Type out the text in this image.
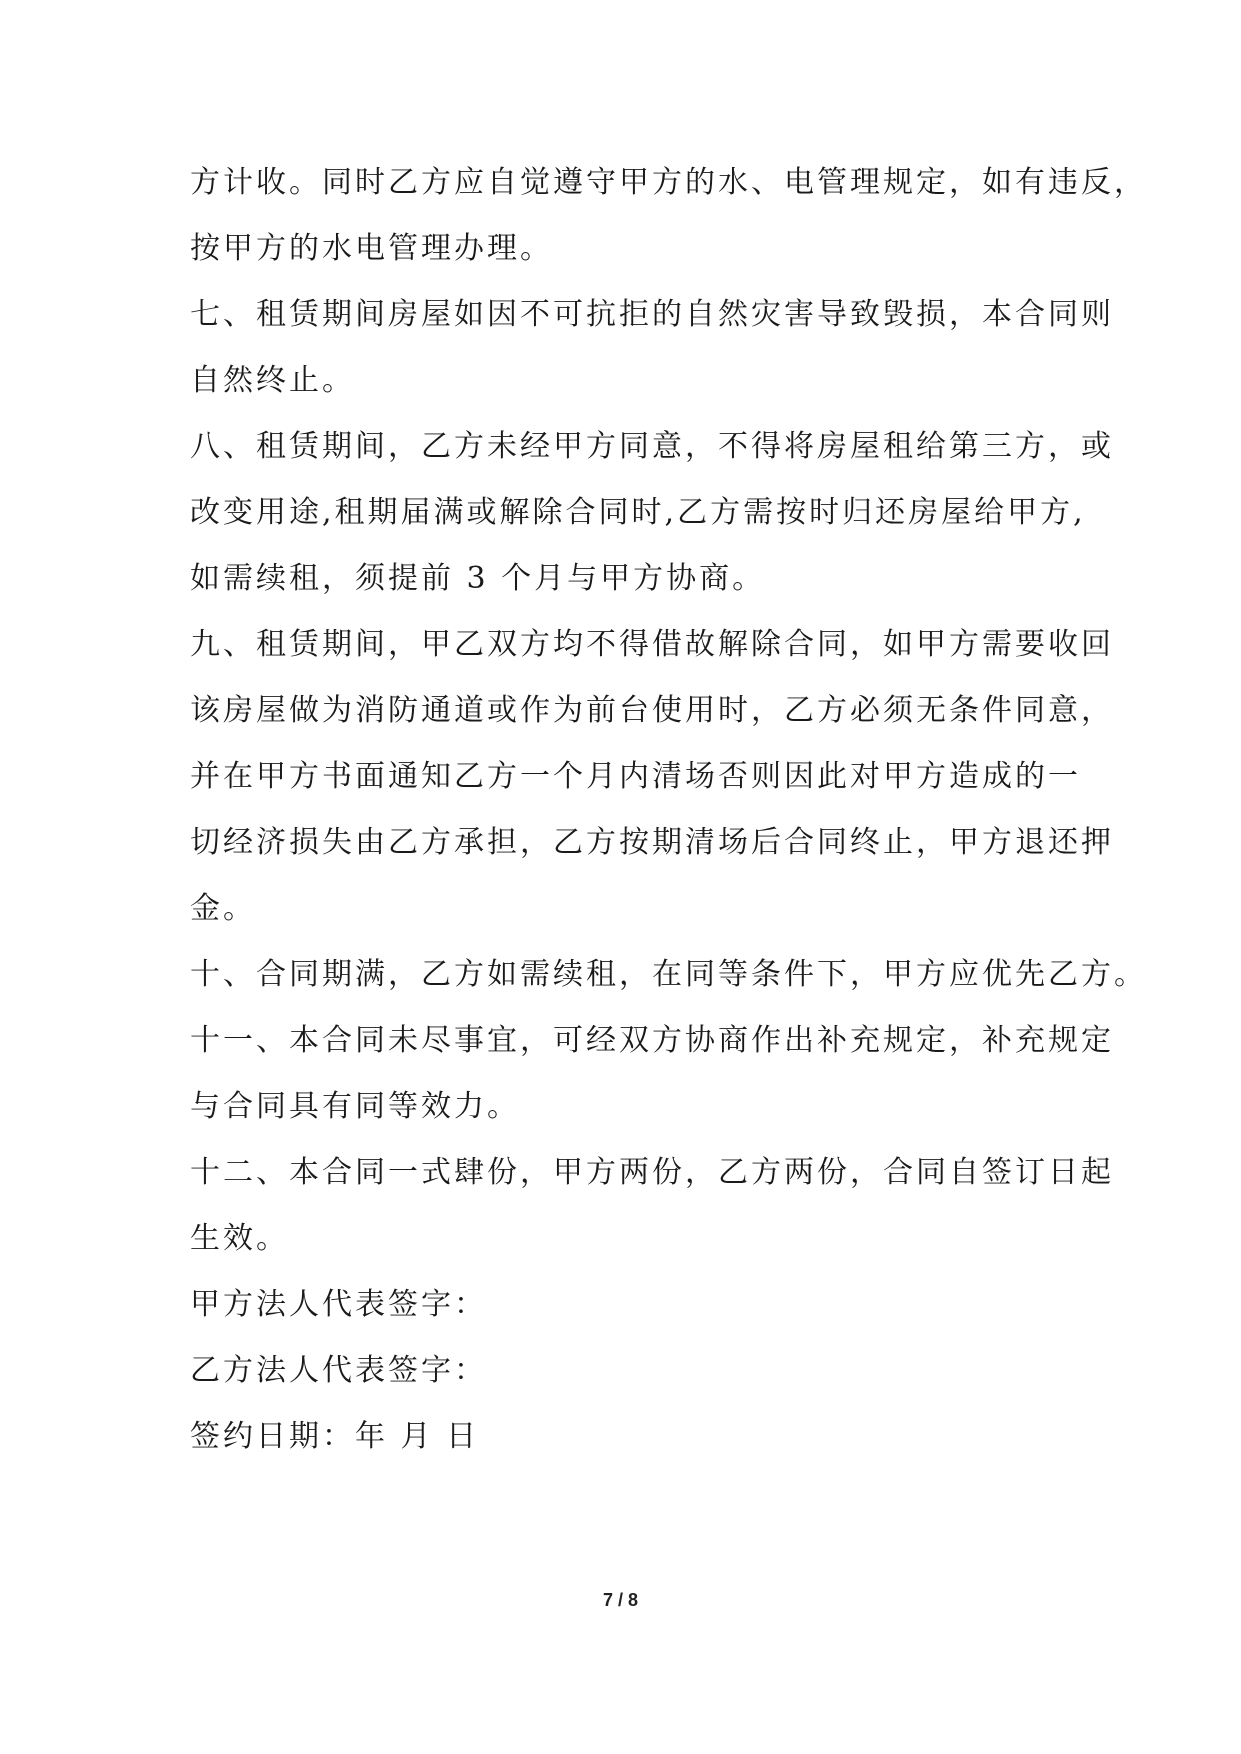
方计收。同时乙方应自觉遵守甲方的水、电管理规定，如有违反，
按甲方的水电管理办理。
七、租赁期间房屋如因不可抗拒的自然灾害导致毁损，本合同则
自然终止。
八、租赁期间，乙方未经甲方同意，不得将房屋租给第三方，或
改变用途,租期届满或解除合同时,乙方需按时归还房屋给甲方,
如需续租，须提前 3 个月与甲方协商。
九、租赁期间，甲乙双方均不得借故解除合同，如甲方需要收回
该房屋做为消防通道或作为前台使用时，乙方必须无条件同意，
并在甲方书面通知乙方一个月内清场否则因此对甲方造成的一
切经济损失由乙方承担，乙方按期清场后合同终止，甲方退还押
金。
十、合同期满，乙方如需续租，在同等条件下，甲方应优先乙方。
十一、本合同未尽事宜，可经双方协商作出补充规定，补充规定
与合同具有同等效力。
十二、本合同一式肆份，甲方两份，乙方两份，合同自签订日起
生效。
甲方法人代表签字：
乙方法人代表签字：
签约日期：年 月 日
7 / 8
